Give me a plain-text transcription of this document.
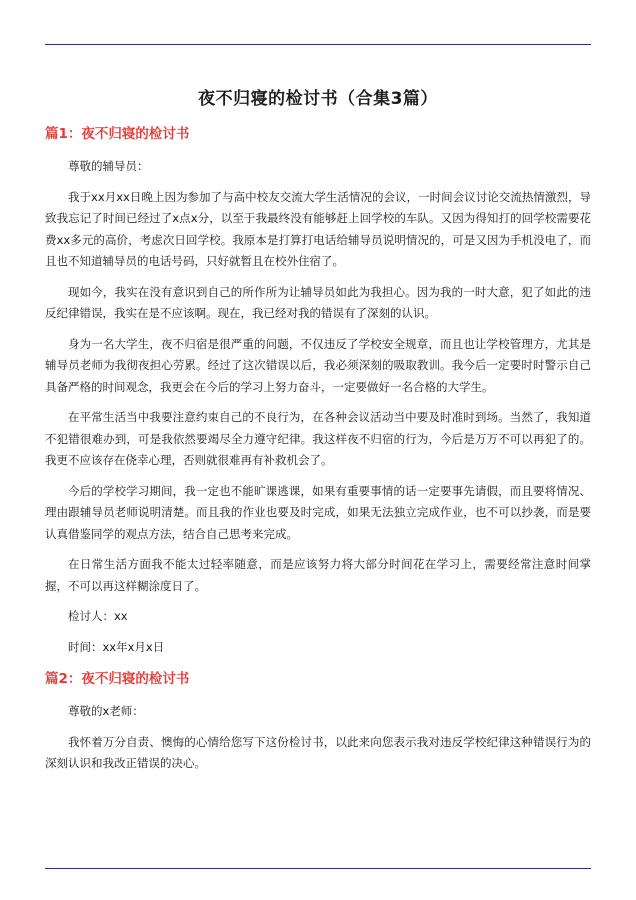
夜不归寝的检讨书（合集3篇）
篇1：夜不归寝的检讨书

尊敬的辅导员：

我于xx月xx日晚上因为参加了与高中校友交流大学生活情况的会议，一时间会议讨论交流热情激烈，导致我忘记了时间已经过了x点x分，以至于我最终没有能够赶上回学校的车队。又因为得知打的回学校需要花费xx多元的高价，考虑次日回学校。我原本是打算打电话给辅导员说明情况的，可是又因为手机没电了，而且也不知道辅导员的电话号码，只好就暂且在校外住宿了。

现如今，我实在没有意识到自己的所作所为让辅导员如此为我担心。因为我的一时大意，犯了如此的违反纪律错误，我实在是不应该啊。现在，我已经对我的错误有了深刻的认识。

身为一名大学生，夜不归宿是很严重的问题，不仅违反了学校安全规章，而且也让学校管理方，尤其是辅导员老师为我彻夜担心劳累。经过了这次错误以后，我必须深刻的吸取教训。我今后一定要时时警示自己具备严格的时间观念，我更会在今后的学习上努力奋斗，一定要做好一名合格的大学生。

在平常生活当中我要注意约束自己的不良行为，在各种会议活动当中要及时准时到场。当然了，我知道不犯错很难办到，可是我依然要竭尽全力遵守纪律。我这样夜不归宿的行为，今后是万万不可以再犯了的。我更不应该存在侥幸心理，否则就很难再有补救机会了。

今后的学校学习期间，我一定也不能旷课逃课，如果有重要事情的话一定要事先请假，而且要将情况、理由跟辅导员老师说明清楚。而且我的作业也要及时完成，如果无法独立完成作业，也不可以抄袭，而是要认真借鉴同学的观点方法，结合自己思考来完成。

在日常生活方面我不能太过轻率随意，而是应该努力将大部分时间花在学习上，需要经常注意时间掌握，不可以再这样糊涂度日了。

检讨人：xx

时间：xx年x月x日

篇2：夜不归寝的检讨书

尊敬的x老师：

我怀着万分自责、懊悔的心情给您写下这份检讨书，以此来向您表示我对违反学校纪律这种错误行为的深刻认识和我改正错误的决心。
